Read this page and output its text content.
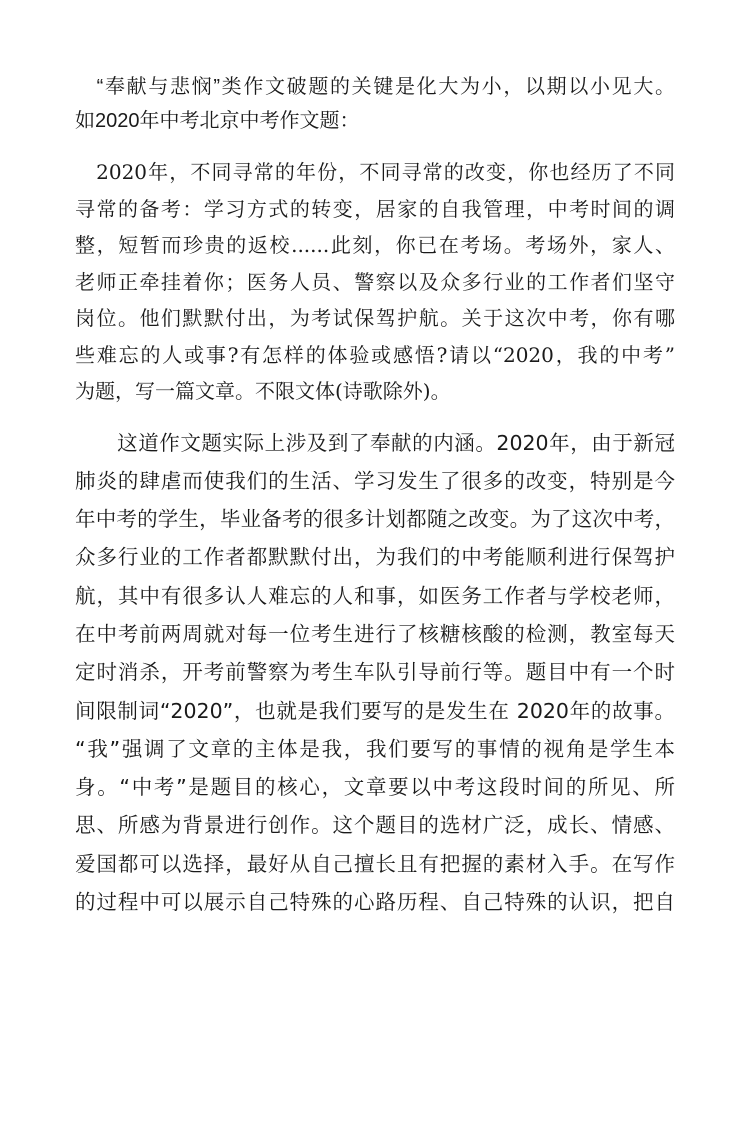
　“奉献与悲悯”类作文破题的关键是化大为小，以期以小见大。
如2020年中考北京中考作文题：
　2020年，不同寻常的年份，不同寻常的改变，你也经历了不同
寻常的备考：学习方式的转变，居家的自我管理，中考时间的调
整，短暂而珍贵的返校......此刻，你已在考场。考场外，家人、
老师正牵挂着你；医务人员、警察以及众多行业的工作者们坚守
岗位。他们默默付出，为考试保驾护航。关于这次中考，你有哪
些难忘的人或事?有怎样的体验或感悟?请以“2020，我的中考”
为题，写一篇文章。不限文体(诗歌除外)。
　　这道作文题实际上涉及到了奉献的内涵。2020年，由于新冠
肺炎的肆虐而使我们的生活、学习发生了很多的改变，特别是今
年中考的学生，毕业备考的很多计划都随之改变。为了这次中考，
众多行业的工作者都默默付出，为我们的中考能顺利进行保驾护
航，其中有很多认人难忘的人和事，如医务工作者与学校老师，
在中考前两周就对每一位考生进行了核糖核酸的检测，教室每天
定时消杀，开考前警察为考生车队引导前行等。题目中有一个时
间限制词“2020”，也就是我们要写的是发生在 2020年的故事。
“我”强调了文章的主体是我，我们要写的事情的视角是学生本
身。“中考”是题目的核心，文章要以中考这段时间的所见、所
思、所感为背景进行创作。这个题目的选材广泛，成长、情感、
爱国都可以选择，最好从自己擅长且有把握的素材入手。在写作
的过程中可以展示自己特殊的心路历程、自己特殊的认识，把自
